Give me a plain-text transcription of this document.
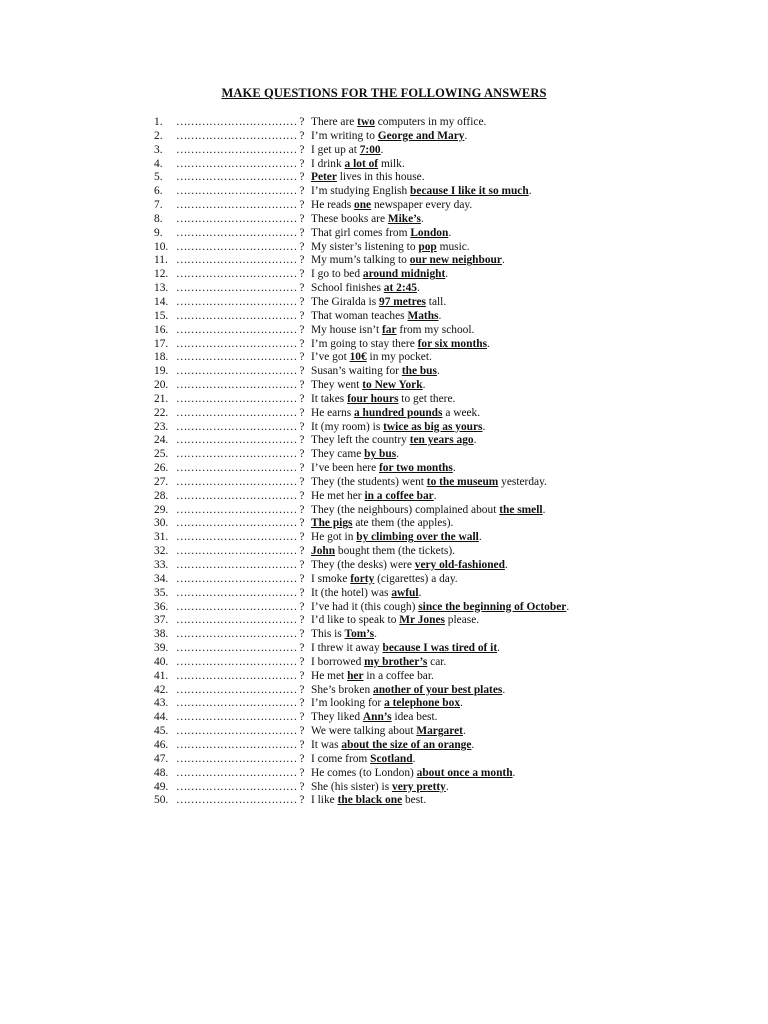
MAKE QUESTIONS FOR THE FOLLOWING ANSWERS
1. …………………………… ? There are two computers in my office.
2. …………………………… ? I’m writing to George and Mary.
3. …………………………… ? I get up at 7:00.
4. …………………………… ? I drink a lot of milk.
5. …………………………… ? Peter lives in this house.
6. …………………………… ? I’m studying English because I like it so much.
7. …………………………… ? He reads one newspaper every day.
8. …………………………… ? These books are Mike’s.
9. …………………………… ? That girl comes from London.
10. …………………………… ? My sister’s listening to pop music.
11. …………………………… ? My mum’s talking to our new neighbour.
12. …………………………… ? I go to bed around midnight.
13. …………………………… ? School finishes at 2:45.
14. …………………………… ? The Giralda is 97 metres tall.
15. …………………………… ? That woman teaches Maths.
16. …………………………… ? My house isn’t far from my school.
17. …………………………… ? I’m going to stay there for six months.
18. …………………………… ? I’ve got 10€ in my pocket.
19. …………………………… ? Susan’s waiting for the bus.
20. …………………………… ? They went to New York.
21. …………………………… ? It takes four hours to get there.
22. …………………………… ? He earns a hundred pounds a week.
23. …………………………… ? It (my room) is twice as big as yours.
24. …………………………… ? They left the country ten years ago.
25. …………………………… ? They came by bus.
26. …………………………… ? I’ve been here for two months.
27. …………………………… ? They (the students) went to the museum yesterday.
28. …………………………… ? He met her in a coffee bar.
29. …………………………… ? They (the neighbours) complained about the smell.
30. …………………………… ? The pigs ate them (the apples).
31. …………………………… ? He got in by climbing over the wall.
32. …………………………… ? John bought them (the tickets).
33. …………………………… ? They (the desks) were very old-fashioned.
34. …………………………… ? I smoke forty (cigarettes) a day.
35. …………………………… ? It (the hotel) was awful.
36. …………………………… ? I’ve had it (this cough) since the beginning of October.
37. …………………………… ? I’d like to speak to Mr Jones please.
38. …………………………… ? This is Tom’s.
39. …………………………… ? I threw it away because I was tired of it.
40. …………………………… ? I borrowed my brother’s car.
41. …………………………… ? He met her in a coffee bar.
42. …………………………… ? She’s broken another of your best plates.
43. …………………………… ? I’m looking for a telephone box.
44. …………………………… ? They liked Ann’s idea best.
45. …………………………… ? We were talking about Margaret.
46. …………………………… ? It was about the size of an orange.
47. …………………………… ? I come from Scotland.
48. …………………………… ? He comes (to London) about once a month.
49. …………………………… ? She (his sister) is very pretty.
50. …………………………… ? I like the black one best.
